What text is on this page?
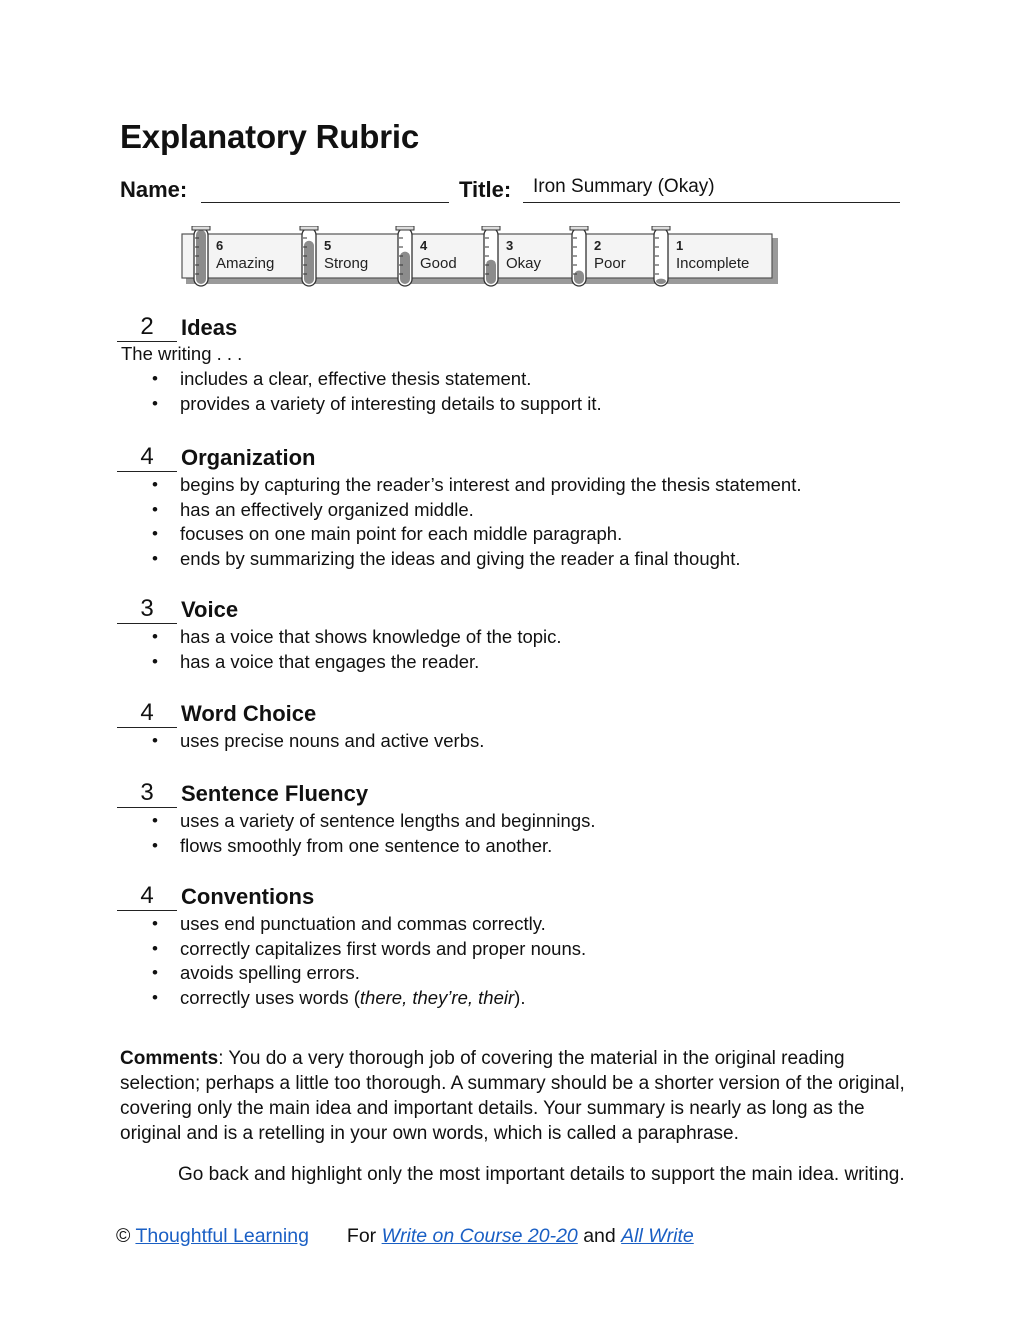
Explanatory Rubric
Name:	Title: Iron Summary (Okay)
6
Amazing
5
Strong
4
Good
3
Okay
2
Poor
1
Incomplete
2	Ideas
The writing . . .
• includes a clear, effective thesis statement.
• provides a variety of interesting details to support it.
4	Organization
• begins by capturing the reader’s interest and providing the thesis statement.
• has an effectively organized middle.
• focuses on one main point for each middle paragraph.
• ends by summarizing the ideas and giving the reader a final thought.
3	Voice
• has a voice that shows knowledge of the topic.
• has a voice that engages the reader.
4	Word Choice
• uses precise nouns and active verbs.
3	Sentence Fluency
• uses a variety of sentence lengths and beginnings.
• flows smoothly from one sentence to another.
4	Conventions
• uses end punctuation and commas correctly.
• correctly capitalizes first words and proper nouns.
• avoids spelling errors.
• correctly uses words (there, they’re, their).

Comments: You do a very thorough job of covering the material in the original reading selection; perhaps a little too thorough. A summary should be a shorter version of the original, covering only the main idea and important details. Your summary is nearly as long as the original and is a retelling in your own words, which is called a paraphrase.

Go back and highlight only the most important details to support the main idea. writing.

© Thoughtful Learning For Write on Course 20-20 and All Write
